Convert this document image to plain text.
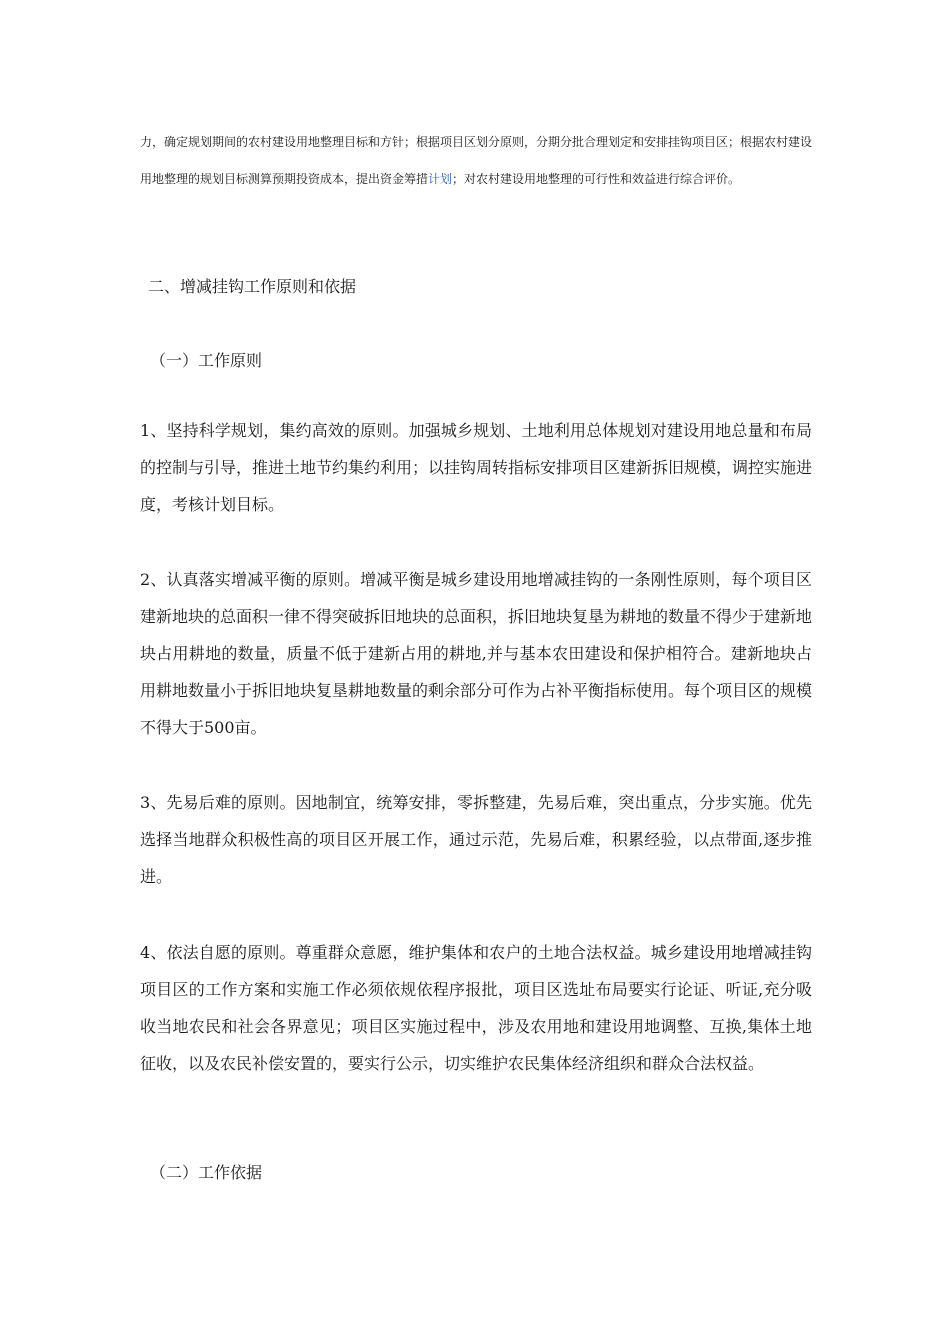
力，确定规划期间的农村建设用地整理目标和方针；根据项目区划分原则，分期分批合理划定和安排挂钩项目区；根据农村建设用地整理的规划目标测算预期投资成本，提出资金筹措计划；对农村建设用地整理的可行性和效益进行综合评价。

二、增减挂钩工作原则和依据

（一）工作原则

1、坚持科学规划，集约高效的原则。加强城乡规划、土地利用总体规划对建设用地总量和布局的控制与引导，推进土地节约集约利用；以挂钩周转指标安排项目区建新拆旧规模，调控实施进度，考核计划目标。

2、认真落实增减平衡的原则。增减平衡是城乡建设用地增减挂钩的一条刚性原则，每个项目区建新地块的总面积一律不得突破拆旧地块的总面积，拆旧地块复垦为耕地的数量不得少于建新地块占用耕地的数量，质量不低于建新占用的耕地,并与基本农田建设和保护相符合。建新地块占用耕地数量小于拆旧地块复垦耕地数量的剩余部分可作为占补平衡指标使用。每个项目区的规模不得大于500亩。

3、先易后难的原则。因地制宜，统筹安排，零拆整建，先易后难，突出重点，分步实施。优先选择当地群众积极性高的项目区开展工作，通过示范，先易后难，积累经验，以点带面,逐步推进。

4、依法自愿的原则。尊重群众意愿，维护集体和农户的土地合法权益。城乡建设用地增减挂钩项目区的工作方案和实施工作必须依规依程序报批，项目区选址布局要实行论证、听证,充分吸收当地农民和社会各界意见；项目区实施过程中，涉及农用地和建设用地调整、互换,集体土地征收，以及农民补偿安置的，要实行公示，切实维护农民集体经济组织和群众合法权益。

（二）工作依据
